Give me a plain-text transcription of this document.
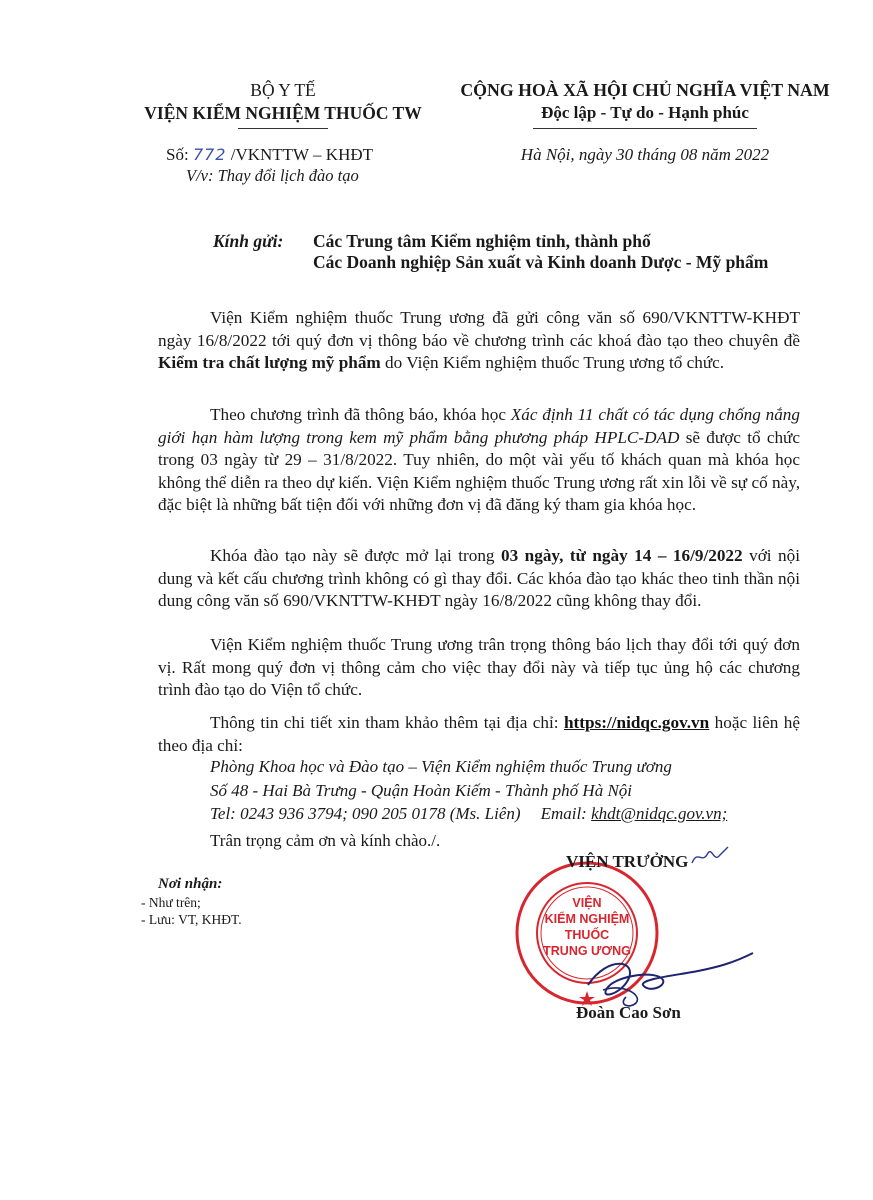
BỘ Y TẾ
VIỆN KIỂM NGHIỆM THUỐC TW
Số: 772 /VKNTTW – KHĐT
V/v: Thay đổi lịch đào tạo
CỘNG HOÀ XÃ HỘI CHỦ NGHĨA VIỆT NAM
Độc lập - Tự do - Hạnh phúc
Hà Nội, ngày 30 tháng 08 năm 2022
Kính gửi: Các Trung tâm Kiểm nghiệm tỉnh, thành phố
Các Doanh nghiệp Sản xuất và Kinh doanh Dược - Mỹ phẩm
Viện Kiểm nghiệm thuốc Trung ương đã gửi công văn số 690/VKNTTW-KHĐT ngày 16/8/2022 tới quý đơn vị thông báo về chương trình các khoá đào tạo theo chuyên đề Kiểm tra chất lượng mỹ phẩm do Viện Kiểm nghiệm thuốc Trung ương tổ chức.
Theo chương trình đã thông báo, khóa học Xác định 11 chất có tác dụng chống nắng giới hạn hàm lượng trong kem mỹ phẩm bằng phương pháp HPLC-DAD sẽ được tổ chức trong 03 ngày từ 29 – 31/8/2022. Tuy nhiên, do một vài yếu tố khách quan mà khóa học không thể diễn ra theo dự kiến. Viện Kiểm nghiệm thuốc Trung ương rất xin lỗi về sự cố này, đặc biệt là những bất tiện đối với những đơn vị đã đăng ký tham gia khóa học.
Khóa đào tạo này sẽ được mở lại trong 03 ngày, từ ngày 14 – 16/9/2022 với nội dung và kết cấu chương trình không có gì thay đổi. Các khóa đào tạo khác theo tinh thần nội dung công văn số 690/VKNTTW-KHĐT ngày 16/8/2022 cũng không thay đổi.
Viện Kiểm nghiệm thuốc Trung ương trân trọng thông báo lịch thay đổi tới quý đơn vị. Rất mong quý đơn vị thông cảm cho việc thay đổi này và tiếp tục ủng hộ các chương trình đào tạo do Viện tổ chức.
Thông tin chi tiết xin tham khảo thêm tại địa chỉ: https://nidqc.gov.vn hoặc liên hệ theo địa chỉ:
Phòng Khoa học và Đào tạo – Viện Kiểm nghiệm thuốc Trung ương
Số 48 - Hai Bà Trưng - Quận Hoàn Kiếm - Thành phố Hà Nội
Tel: 0243 936 3794; 090 205 0178 (Ms. Liên) Email: khdt@nidqc.gov.vn;
Trân trọng cảm ơn và kính chào./.
Nơi nhận:
- Như trên;
- Lưu: VT, KHĐT.
VIỆN
KIỂM NGHIỆM
THUỐC
TRUNG ƯƠNG
VIỆN TRƯỞNG
Đoàn Cao Sơn
